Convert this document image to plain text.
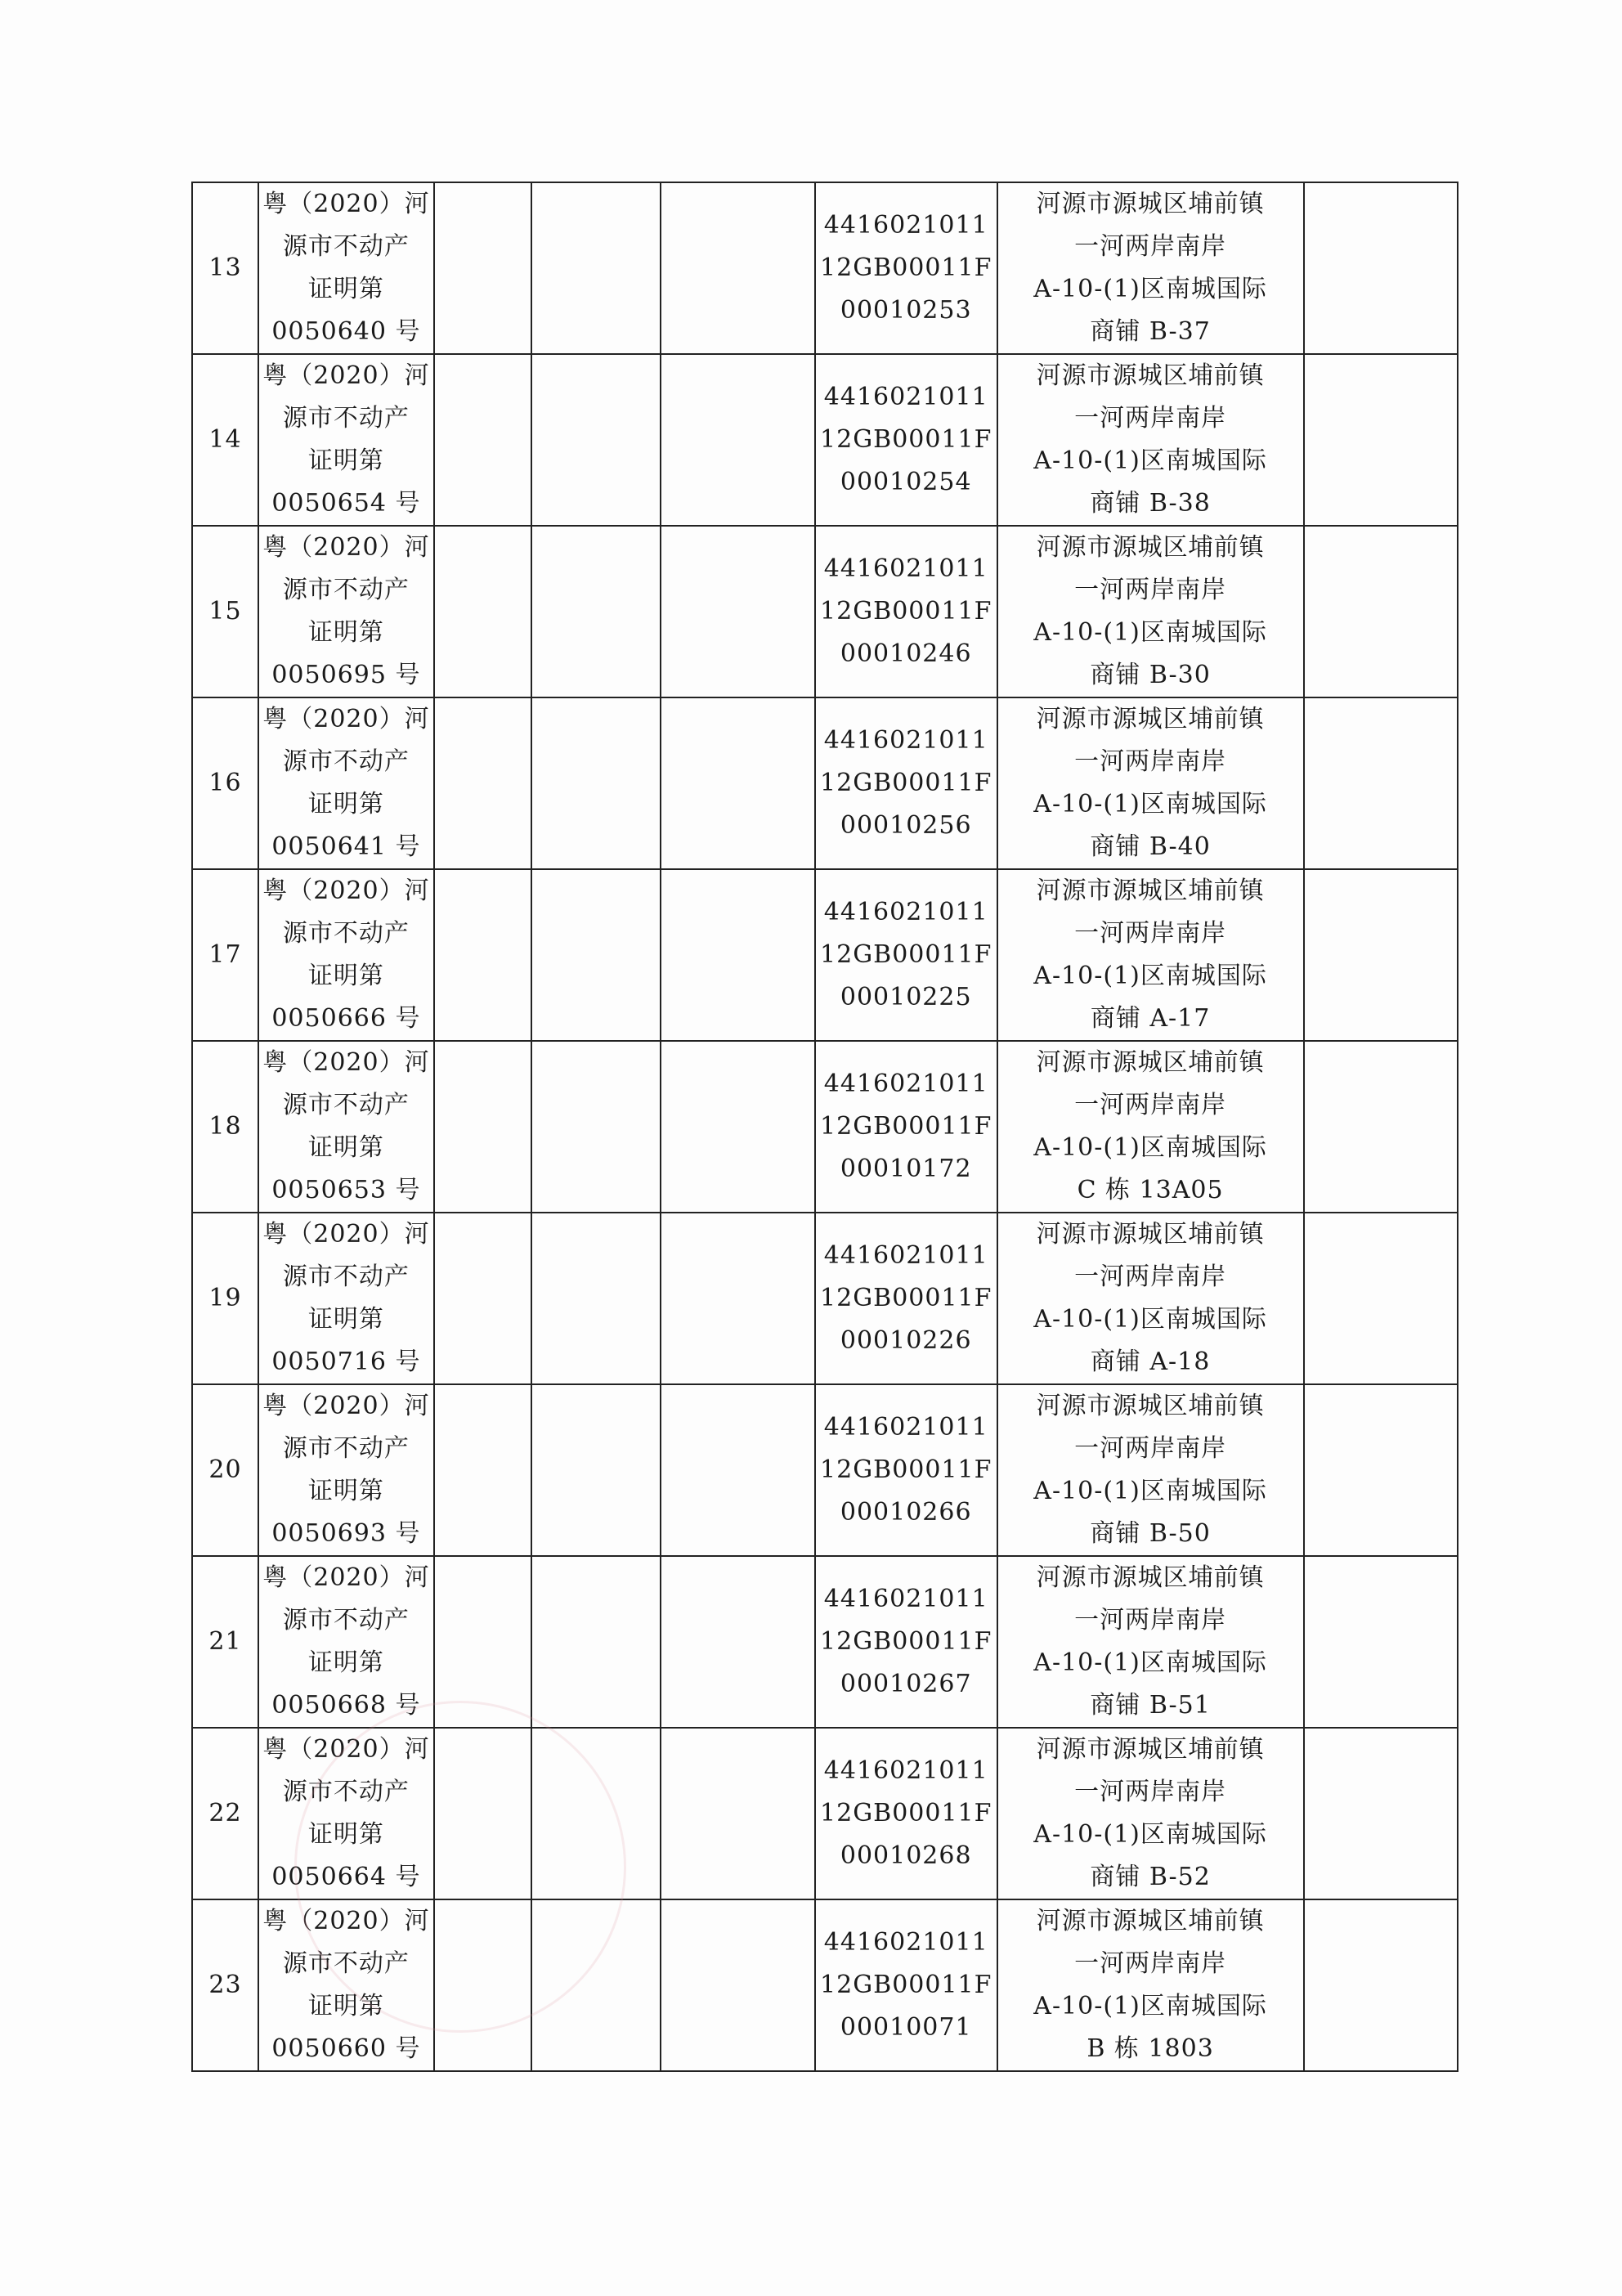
13	粤（2020）河
源市不动产
证明第
0050640 号				4416021011
12GB00011F
00010253	河源市源城区埔前镇
一河两岸南岸
A-10-(1)区南城国际
商铺 B-37	

14	粤（2020）河
源市不动产
证明第
0050654 号				4416021011
12GB00011F
00010254	河源市源城区埔前镇
一河两岸南岸
A-10-(1)区南城国际
商铺 B-38	

15	粤（2020）河
源市不动产
证明第
0050695 号				4416021011
12GB00011F
00010246	河源市源城区埔前镇
一河两岸南岸
A-10-(1)区南城国际
商铺 B-30	

16	粤（2020）河
源市不动产
证明第
0050641 号				4416021011
12GB00011F
00010256	河源市源城区埔前镇
一河两岸南岸
A-10-(1)区南城国际
商铺 B-40	

17	粤（2020）河
源市不动产
证明第
0050666 号				4416021011
12GB00011F
00010225	河源市源城区埔前镇
一河两岸南岸
A-10-(1)区南城国际
商铺 A-17	

18	粤（2020）河
源市不动产
证明第
0050653 号				4416021011
12GB00011F
00010172	河源市源城区埔前镇
一河两岸南岸
A-10-(1)区南城国际
C 栋 13A05	

19	粤（2020）河
源市不动产
证明第
0050716 号				4416021011
12GB00011F
00010226	河源市源城区埔前镇
一河两岸南岸
A-10-(1)区南城国际
商铺 A-18	

20	粤（2020）河
源市不动产
证明第
0050693 号				4416021011
12GB00011F
00010266	河源市源城区埔前镇
一河两岸南岸
A-10-(1)区南城国际
商铺 B-50	

21	粤（2020）河
源市不动产
证明第
0050668 号				4416021011
12GB00011F
00010267	河源市源城区埔前镇
一河两岸南岸
A-10-(1)区南城国际
商铺 B-51	

22	粤（2020）河
源市不动产
证明第
0050664 号				4416021011
12GB00011F
00010268	河源市源城区埔前镇
一河两岸南岸
A-10-(1)区南城国际
商铺 B-52	

23	粤（2020）河
源市不动产
证明第
0050660 号				4416021011
12GB00011F
00010071	河源市源城区埔前镇
一河两岸南岸
A-10-(1)区南城国际
B 栋 1803	
